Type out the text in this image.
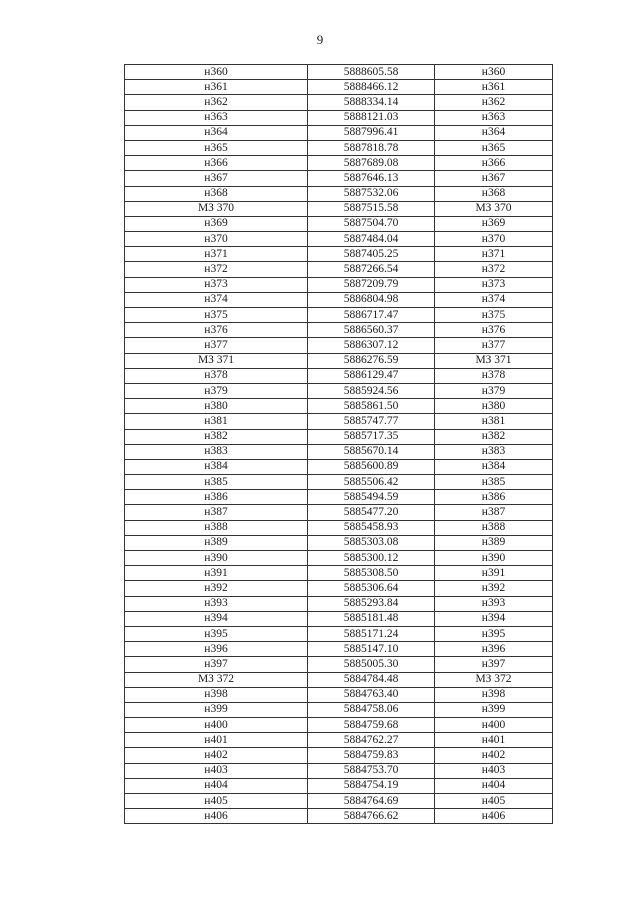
9
н360	5888605.58	н360
н361	5888466.12	н361
н362	5888334.14	н362
н363	5888121.03	н363
н364	5887996.41	н364
н365	5887818.78	н365
н366	5887689.08	н366
н367	5887646.13	н367
н368	5887532.06	н368
МЗ 370	5887515.58	МЗ 370
н369	5887504.70	н369
н370	5887484.04	н370
н371	5887405.25	н371
н372	5887266.54	н372
н373	5887209.79	н373
н374	5886804.98	н374
н375	5886717.47	н375
н376	5886560.37	н376
н377	5886307.12	н377
МЗ 371	5886276.59	МЗ 371
н378	5886129.47	н378
н379	5885924.56	н379
н380	5885861.50	н380
н381	5885747.77	н381
н382	5885717.35	н382
н383	5885670.14	н383
н384	5885600.89	н384
н385	5885506.42	н385
н386	5885494.59	н386
н387	5885477.20	н387
н388	5885458.93	н388
н389	5885303.08	н389
н390	5885300.12	н390
н391	5885308.50	н391
н392	5885306.64	н392
н393	5885293.84	н393
н394	5885181.48	н394
н395	5885171.24	н395
н396	5885147.10	н396
н397	5885005.30	н397
МЗ 372	5884784.48	МЗ 372
н398	5884763.40	н398
н399	5884758.06	н399
н400	5884759.68	н400
н401	5884762.27	н401
н402	5884759.83	н402
н403	5884753.70	н403
н404	5884754.19	н404
н405	5884764.69	н405
н406	5884766.62	н406
